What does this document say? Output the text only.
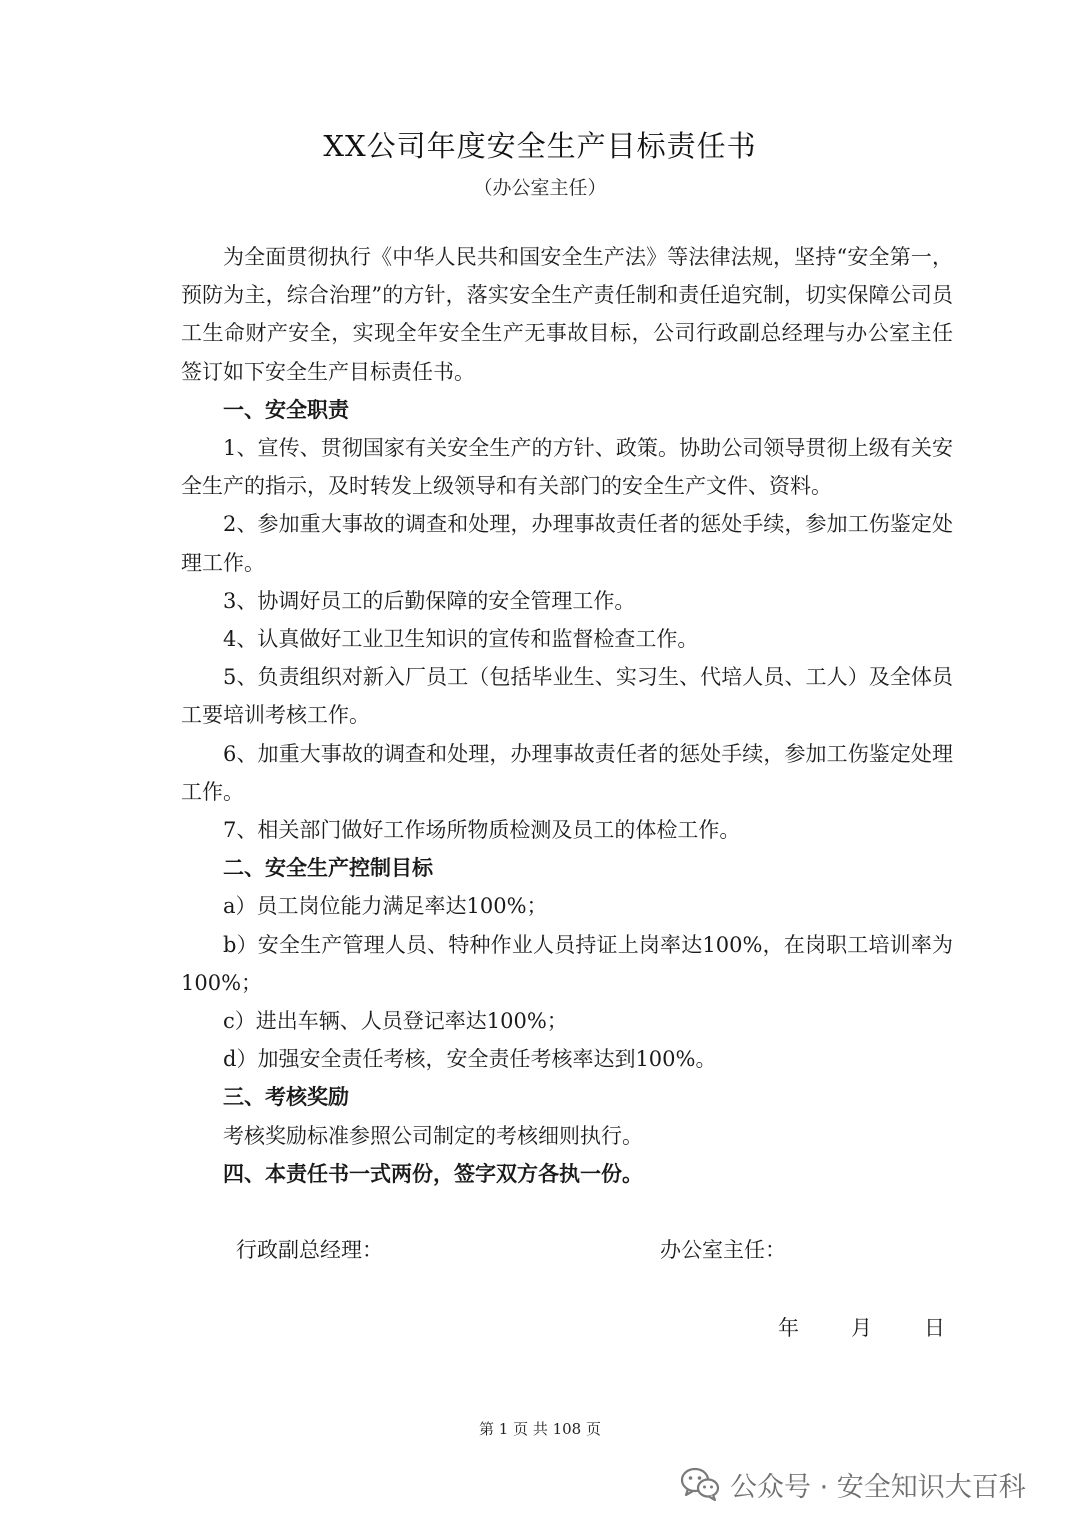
XX公司年度安全生产目标责任书
（办公室主任）

为全面贯彻执行《中华人民共和国安全生产法》等法律法规，坚持“安全第一，预防为主，综合治理”的方针，落实安全生产责任制和责任追究制，切实保障公司员工生命财产安全，实现全年安全生产无事故目标，公司行政副总经理与办公室主任签订如下安全生产目标责任书。

一、安全职责

1、宣传、贯彻国家有关安全生产的方针、政策。协助公司领导贯彻上级有关安全生产的指示，及时转发上级领导和有关部门的安全生产文件、资料。

2、参加重大事故的调查和处理，办理事故责任者的惩处手续，参加工伤鉴定处理工作。

3、协调好员工的后勤保障的安全管理工作。

4、认真做好工业卫生知识的宣传和监督检查工作。

5、负责组织对新入厂员工（包括毕业生、实习生、代培人员、工人）及全体员工要培训考核工作。

6、加重大事故的调查和处理，办理事故责任者的惩处手续，参加工伤鉴定处理工作。

7、相关部门做好工作场所物质检测及员工的体检工作。

二、安全生产控制目标

a）员工岗位能力满足率达100%；

b）安全生产管理人员、特种作业人员持证上岗率达100%，在岗职工培训率为100%；

c）进出车辆、人员登记率达100%；

d）加强安全责任考核，安全责任考核率达到100%。

三、考核奖励

考核奖励标准参照公司制定的考核细则执行。

四、本责任书一式两份，签字双方各执一份。

行政副总经理：	办公室主任：
年 月 日
第 1 页 共 108 页
公众号 · 安全知识大百科
